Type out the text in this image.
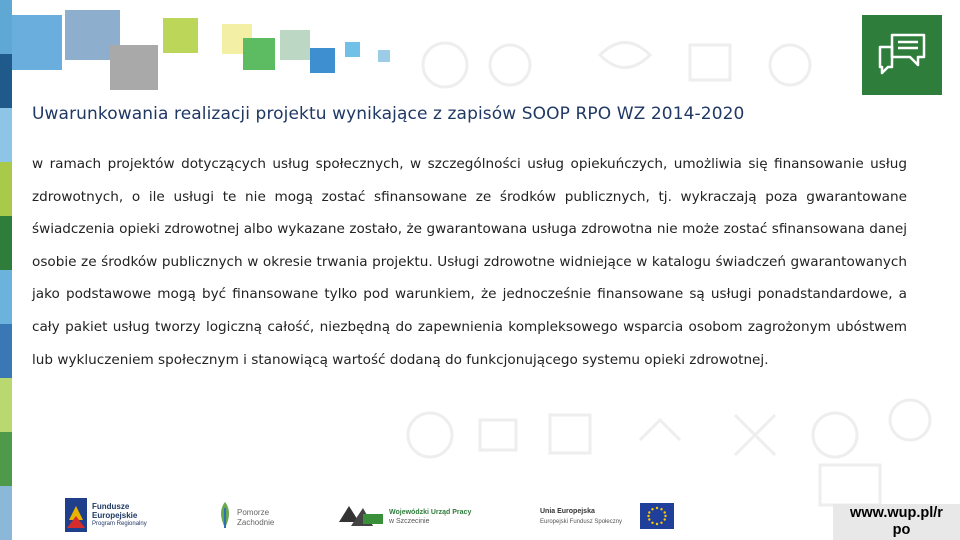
Uwarunkowania realizacji projektu wynikające z zapisów SOOP RPO WZ 2014-2020
w ramach projektów dotyczących usług społecznych, w szczególności usług opiekuńczych, umożliwia się finansowanie usług zdrowotnych, o ile usługi te nie mogą zostać sfinansowane ze środków publicznych, tj. wykraczają poza gwarantowane świadczenia opieki zdrowotnej albo wykazane zostało, że gwarantowana usługa zdrowotna nie może zostać sfinansowana danej osobie ze środków publicznych w okresie trwania projektu. Usługi zdrowotne widniejące w katalogu świadczeń gwarantowanych jako podstawowe mogą być finansowane tylko pod warunkiem, że jednocześnie finansowane są usługi ponadstandardowe, a cały pakiet usług tworzy logiczną całość, niezbędną do zapewnienia kompleksowego wsparcia osobom zagrożonym ubóstwem lub wykluczeniem społecznym i stanowiącą wartość dodaną do funkcjonującego systemu opieki zdrowotnej.
Fundusze
Europejskie
Program Regionalny
Pomorze
Zachodnie
Wojewódzki Urząd Pracy
w Szczecinie
Unia Europejska
Europejski Fundusz Społeczny
www.wup.pl/r
po
